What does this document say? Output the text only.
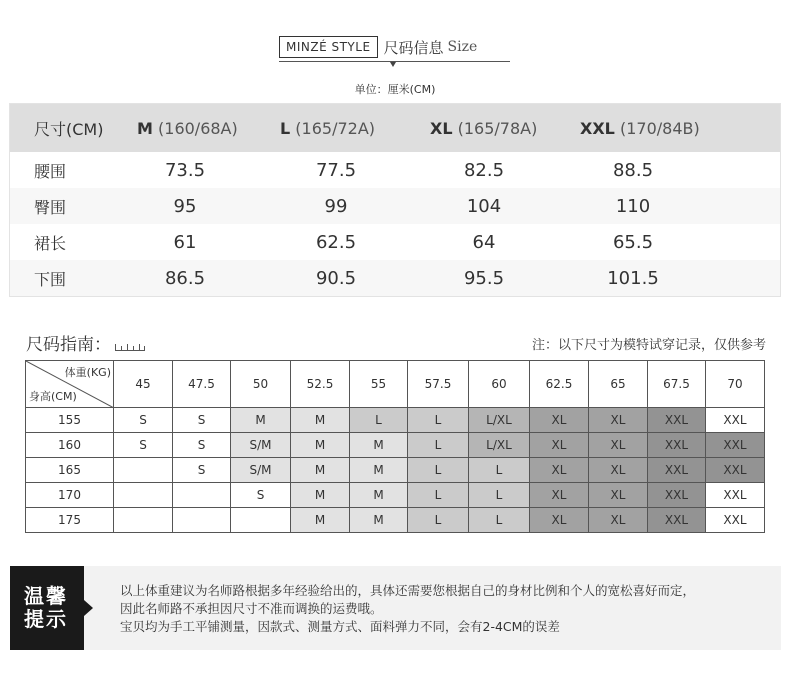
MINZÉ STYLE 尺码信息 Size
单位：厘米(CM)
尺寸(CM)	M (160/68A)	L (165/72A)	XL (165/78A)	XXL (170/84B)
腰围	73.5	77.5	82.5	88.5
臀围	95	99	104	110
裙长	61	62.5	64	65.5
下围	86.5	90.5	95.5	101.5
尺码指南：	注：以下尺寸为模特试穿记录，仅供参考
体重(KG)
身高(CM)	45	47.5	50	52.5	55	57.5	60	62.5	65	67.5	70
155	S	S	M	M	L	L	L/XL	XL	XL	XXL	XXL
160	S	S	S/M	M	M	L	L/XL	XL	XL	XXL	XXL
165		S	S/M	M	M	L	L	XL	XL	XXL	XXL
170			S	M	M	L	L	XL	XL	XXL	XXL
175				M	M	L	L	XL	XL	XXL	XXL
温馨
提示
以上体重建议为名师路根据多年经验给出的，具体还需要您根据自己的身材比例和个人的宽松喜好而定，
因此名师路不承担因尺寸不准而调换的运费哦。
宝贝均为手工平铺测量，因款式、测量方式、面料弹力不同，会有2-4CM的误差
